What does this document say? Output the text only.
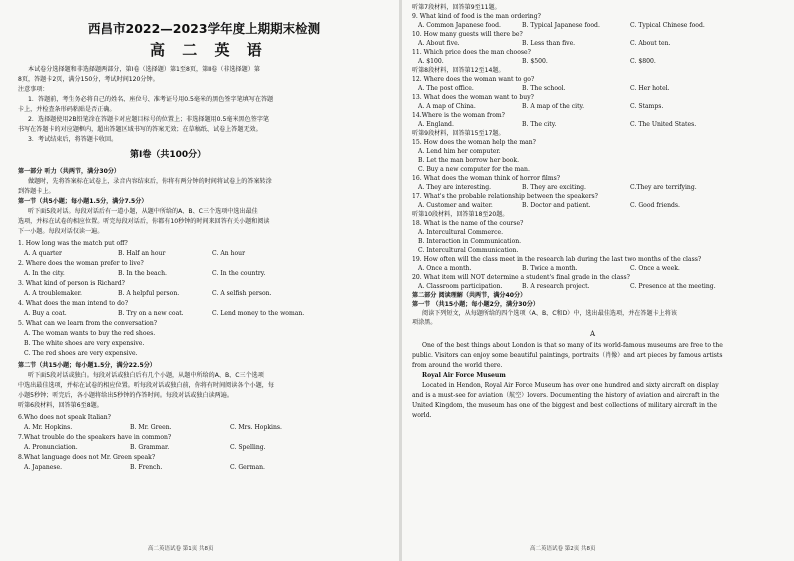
西昌市2022—2023学年度上期期末检测
高 二 英 语
本试卷分选择题和非选择题两部分，第Ⅰ卷（选择题）第1至8页，第Ⅱ卷（非选择题）第
8页，答题卡2页，满分150分，考试时间120分钟。
注意事项：
1．答题前，考生务必将自己的姓名、座位号、准考证号用0.5毫米的黑色签字笔填写在答题
卡上，并检查条形码粘贴是否正确。
2．选择题使用2B铅笔涂在答题卡对应题目标号的位置上；非选择题用0.5毫米黑色签字笔
书写在答题卡的对应题框内，超出答题区域书写的答案无效；在草稿纸、试卷上答题无效。
3．考试结束后，将答题卡收回。
第Ⅰ卷（共100分）
第一部分 听力（共两节，满分30分）
做题时，先将答案标在试卷上，录音内容结束后，你将有两分钟的时间将试卷上的答案转涂
到答题卡上。
第一节（共5小题；每小题1.5分，满分7.5分）
听下面5段对话。每段对话后有一道小题，从题中所给的A、B、C三个选项中选出最佳
选项，并标在试卷的相应位置。听完每段对话后，你都有10秒钟的时间来回答有关小题和阅读
下一小题。每段对话仅读一遍。
1. How long was the match put off?
A. A quarter	B. Half an hour	C. An hour
2. Where does the woman prefer to live?
A. In the city.	B. In the beach.	C. In the country.
3. What kind of person is Richard?
A. A troublemaker.	B. A helpful person.	C. A selfish person.
4. What does the man intend to do?
A. Buy a coat.	B. Try on a new coat.	C. Lend money to the woman.
5. What can we learn from the conversation?
A. The woman wants to buy the red shoes.
B. The white shoes are very expensive.
C. The red shoes are very expensive.
第二节（共15小题；每小题1.5分，满分22.5分）
听下面5段对话或独白。每段对话或独白后有几个小题，从题中所给的A、B、C三个选项
中选出最佳选项，并标在试卷的相应位置。听每段对话或独白前，你将有时间阅读各个小题，每
小题5秒钟；听完后，各小题将给出5秒钟的作答时间。每段对话或独白读两遍。
听第6段材料，回答第6至8题。
6.Who does not speak Italian?
A. Mr. Hopkins.	B. Mr. Green.	C. Mrs. Hopkins.
7.What trouble do the speakers have in common?
A. Pronunciation.	B. Grammar.	C. Spelling.
8.What language does not Mr. Green speak?
A. Japanese.	B. French.	C. German.
高二英语试卷 第1页 共8页
听第7段材料，回答第9至11题。
9. What kind of food is the man ordering?
A. Common Japanese food.	B. Typical Japanese food.	C. Typical Chinese food.
10. How many guests will there be?
A. About five.	B. Less than five.	C. About ten.
11. Which price does the man choose?
A. $100.	B. $500.	C. $800.
听第8段材料，回答第12至14题。
12. Where does the woman want to go?
A. The post office.	B. The school.	C. Her hotel.
13. What does the woman want to buy?
A. A map of China.	B. A map of the city.	C. Stamps.
14.Where is the woman from?
A. England.	B. The city.	C. The United States.
听第9段材料，回答第15至17题。
15. How does the woman help the man?
A. Lend him her computer.
B. Let the man borrow her book.
C. Buy a new computer for the man.
16. What does the woman think of horror films?
A. They are interesting.	B. They are exciting.	C.They are terrifying.
17. What's the probable relationship between the speakers?
A. Customer and waiter.	B. Doctor and patient.	C. Good friends.
听第10段材料，回答第18至20题。
18. What is the name of the course?
A. Intercultural Commerce.
B. Interaction in Communication.
C. Intercultural Communication.
19. How often will the class meet in the research lab during the last two months of the class?
A. Once a month.	B. Twice a month.	C. Once a week.
20. What item will NOT determine a student's final grade in the class?
A. Classroom participation.	B. A research project.	C. Presence at the meeting.
第二部分 阅读理解（共两节，满分40分）
第一节 （共15小题；每小题2分，满分30分）
阅读下列短文，从每题所给的四个选项（A、B、C和D）中，选出最佳选项，并在答题卡上将该
项涂黑。
A
One of the best things about London is that so many of its world-famous museums are free to the
public. Visitors can enjoy some beautiful paintings, portraits（肖像）and art pieces by famous artists
from around the world there.
Royal Air Force Museum
Located in Hendon, Royal Air Force Museum has over one hundred and sixty aircraft on display
and is a must-see for aviation（航空）lovers. Documenting the history of aviation and aircraft in the
United Kingdom, the museum has one of the biggest and best collections of military aircraft in the
world.
高二英语试卷 第2页 共8页
